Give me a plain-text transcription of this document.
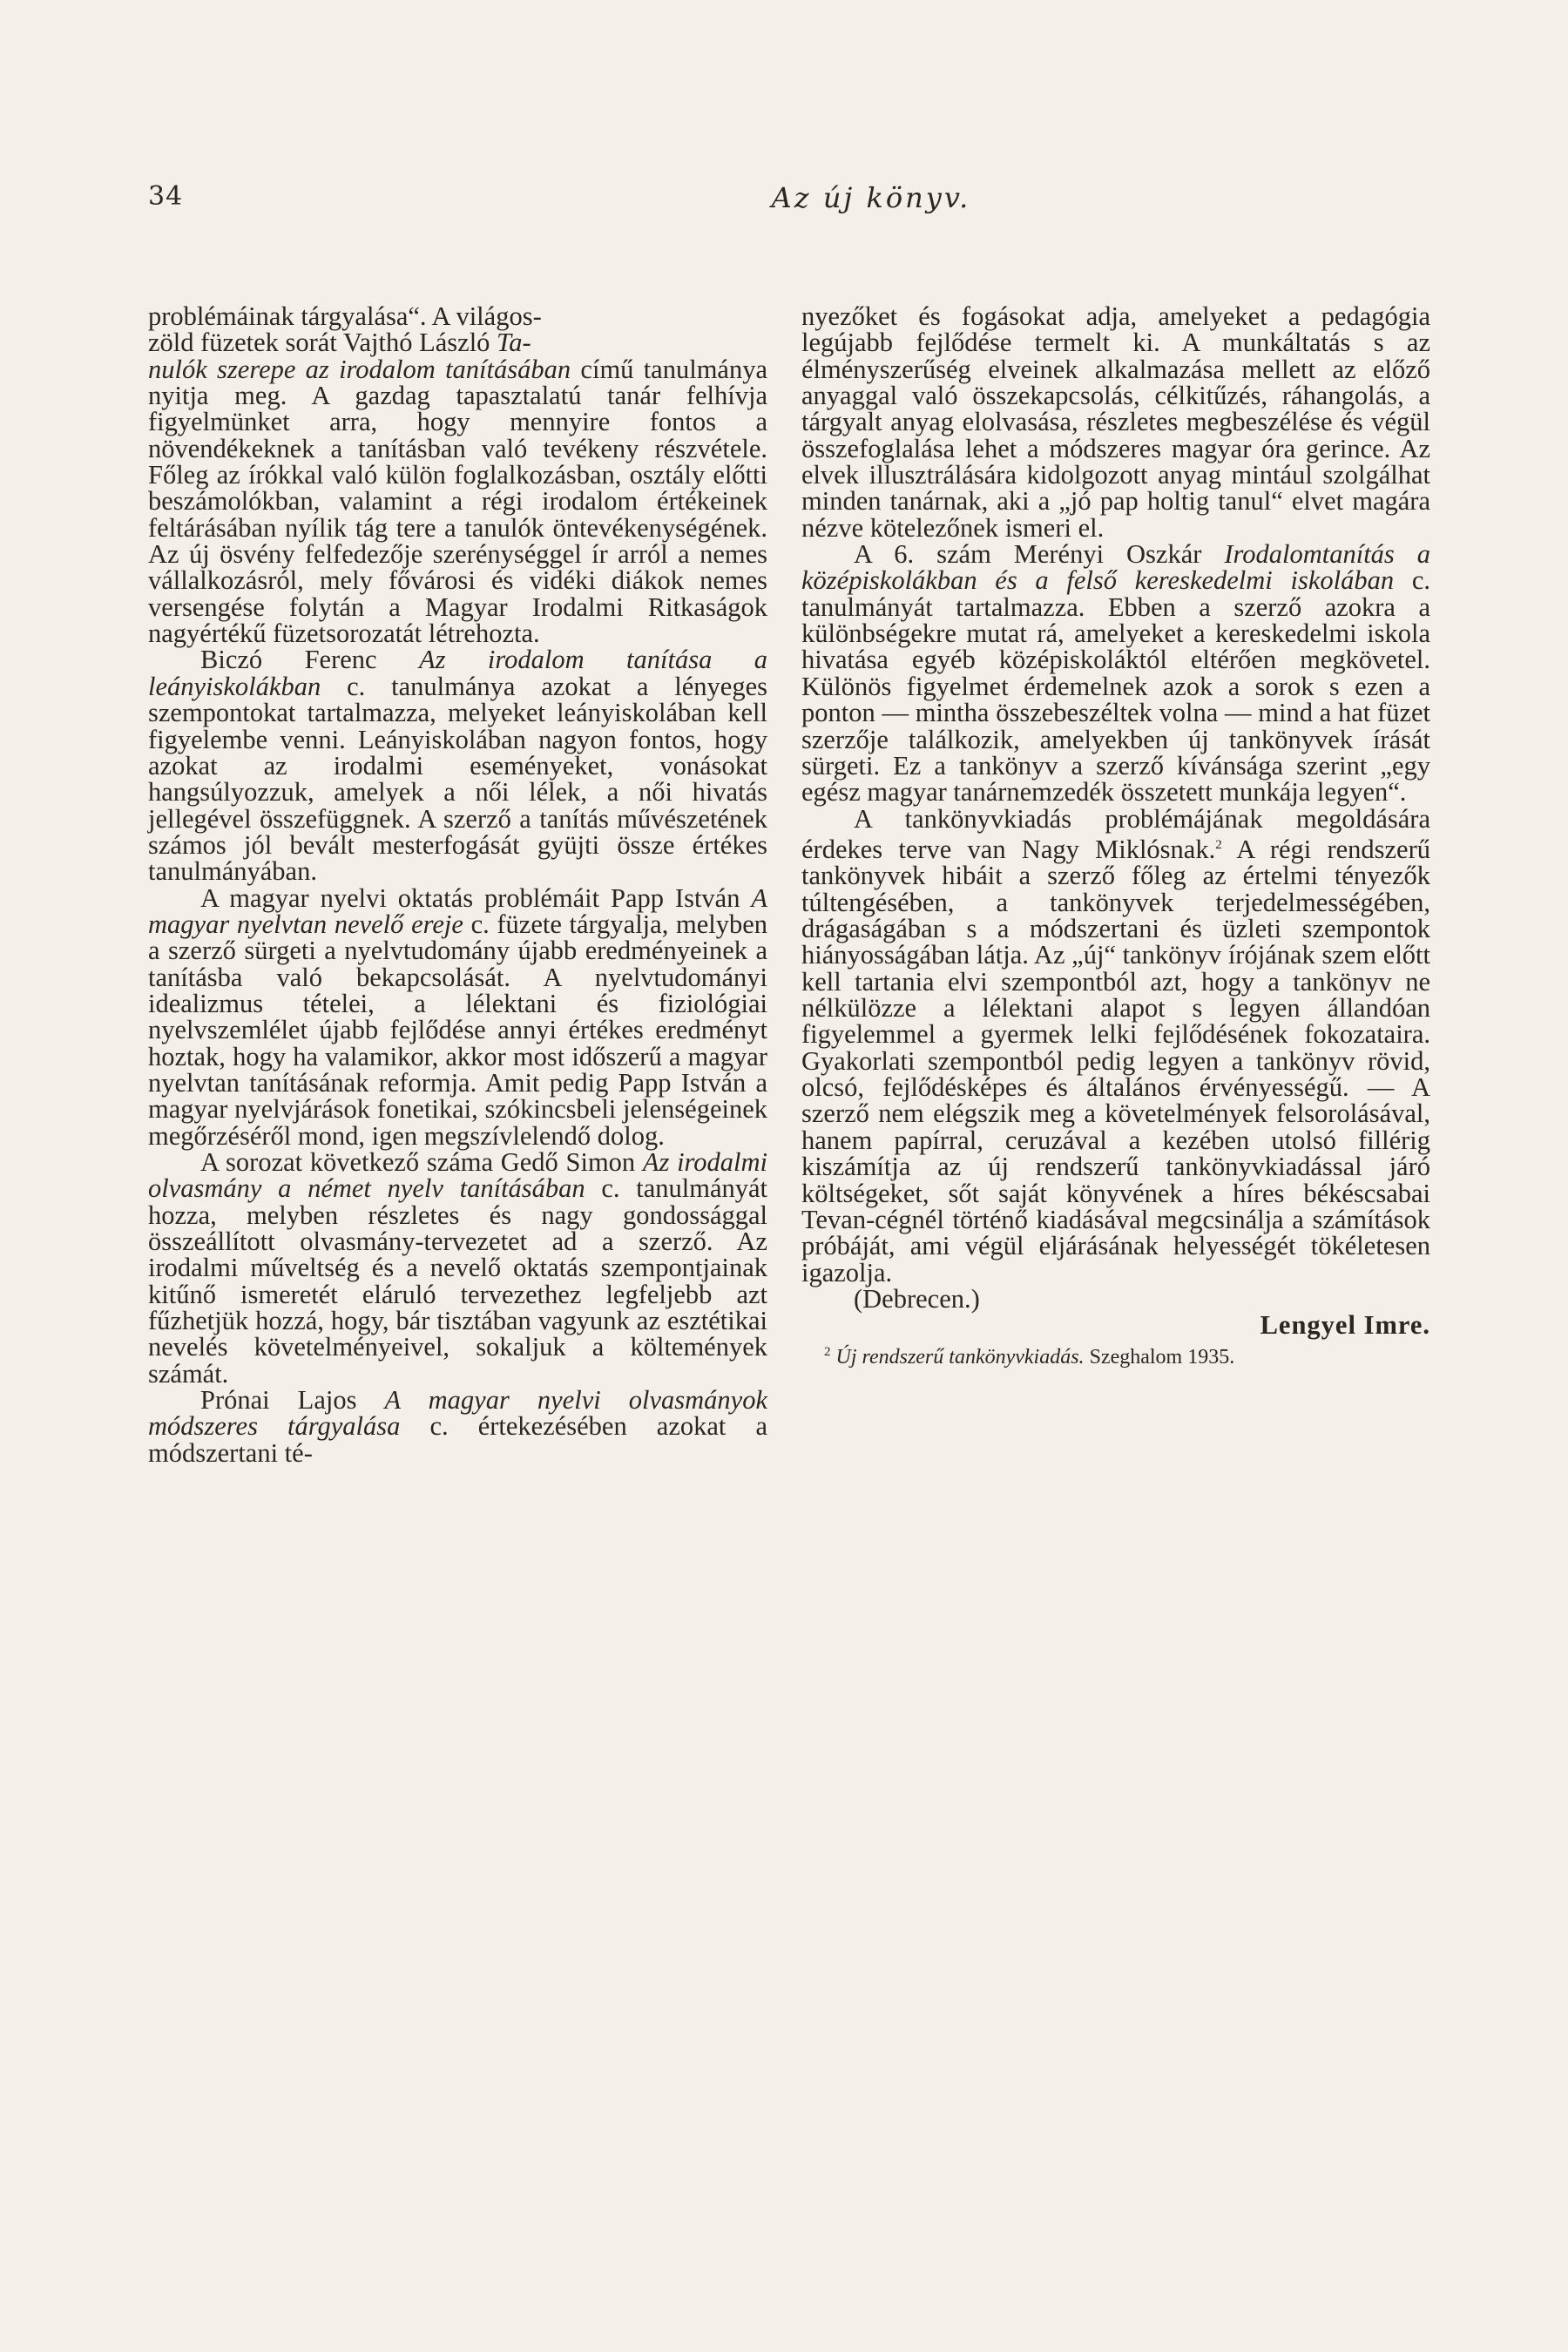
34	Az új könyv.

problémáinak tárgyalása“. A világos-
zöld füzetek sorát Vajthó László Ta-
nulók szerepe az irodalom tanításában című tanulmánya nyitja meg. A gazdag tapasztalatú tanár felhívja figyelmünket arra, hogy mennyire fontos a növendékeknek a tanításban való tevékeny részvétele. Főleg az írókkal való külön foglalkozásban, osztály előtti beszámolókban, valamint a régi irodalom értékeinek feltárásában nyílik tág tere a tanulók öntevékenységének. Az új ösvény felfedezője szerénységgel ír arról a nemes vállalkozásról, mely fővárosi és vidéki diákok nemes versengése folytán a Magyar Irodalmi Ritkaságok nagyértékű füzetsorozatát létrehozta.

Biczó Ferenc Az irodalom tanítása a leányiskolákban c. tanulmánya azokat a lényeges szempontokat tartalmazza, melyeket leányiskolában kell figyelembe venni. Leányiskolában nagyon fontos, hogy azokat az irodalmi eseményeket, vonásokat hangsúlyozzuk, amelyek a női lélek, a női hivatás jellegével összefüggnek. A szerző a tanítás művészetének számos jól bevált mesterfogását gyüjti össze értékes tanulmányában.

A magyar nyelvi oktatás problémáit Papp István A magyar nyelvtan nevelő ereje c. füzete tárgyalja, melyben a szerző sürgeti a nyelvtudomány újabb eredményeinek a tanításba való bekapcsolását. A nyelvtudományi idealizmus tételei, a lélektani és fiziológiai nyelvszemlélet újabb fejlődése annyi értékes eredményt hoztak, hogy ha valamikor, akkor most időszerű a magyar nyelvtan tanításának reformja. Amit pedig Papp István a magyar nyelvjárások fonetikai, szókincsbeli jelenségeinek megőrzéséről mond, igen megszívlelendő dolog.

A sorozat következő száma Gedő Simon Az irodalmi olvasmány a német nyelv tanításában c. tanulmányát hozza, melyben részletes és nagy gondossággal összeállított olvasmány-tervezetet ad a szerző. Az irodalmi műveltség és a nevelő oktatás szempontjainak kitűnő ismeretét eláruló tervezethez legfeljebb azt fűzhetjük hozzá, hogy, bár tisztában vagyunk az esztétikai nevelés követelményeivel, sokaljuk a költemények számát.

Prónai Lajos A magyar nyelvi olvasmányok módszeres tárgyalása c. értekezésében azokat a módszertani té-

nyezőket és fogásokat adja, amelyeket a pedagógia legújabb fejlődése termelt ki. A munkáltatás s az élményszerűség elveinek alkalmazása mellett az előző anyaggal való összekapcsolás, célkitűzés, ráhangolás, a tárgyalt anyag elolvasása, részletes megbeszélése és végül összefoglalása lehet a módszeres magyar óra gerince. Az elvek illusztrálására kidolgozott anyag mintául szolgálhat minden tanárnak, aki a „jó pap holtig tanul“ elvet magára nézve kötelezőnek ismeri el.

A 6. szám Merényi Oszkár Irodalomtanítás a középiskolákban és a felső kereskedelmi iskolában c. tanulmányát tartalmazza. Ebben a szerző azokra a különbségekre mutat rá, amelyeket a kereskedelmi iskola hivatása egyéb középiskoláktól eltérően megkövetel. Különös figyelmet érdemelnek azok a sorok s ezen a ponton — mintha összebeszéltek volna — mind a hat füzet szerzője találkozik, amelyekben új tankönyvek írását sürgeti. Ez a tankönyv a szerző kívánsága szerint „egy egész magyar tanárnemzedék összetett munkája legyen“.

A tankönyvkiadás problémájának megoldására érdekes terve van Nagy Miklósnak.$^2$ A régi rendszerű tankönyvek hibáit a szerző főleg az értelmi tényezők túltengésében, a tankönyvek terjedelmességében, drágaságában s a módszertani és üzleti szempontok hiányosságában látja. Az „új“ tankönyv írójának szem előtt kell tartania elvi szempontból azt, hogy a tankönyv ne nélkülözze a lélektani alapot s legyen állandóan figyelemmel a gyermek lelki fejlődésének fokozataira. Gyakorlati szempontból pedig legyen a tankönyv rövid, olcsó, fejlődésképes és általános érvényességű. — A szerző nem elégszik meg a követelmények felsorolásával, hanem papírral, ceruzával a kezében utolsó fillérig kiszámítja az új rendszerű tankönyvkiadással járó költségeket, sőt saját könyvének a híres békéscsabai Tevan-cégnél történő kiadásával megcsinálja a számítások próbáját, ami végül eljárásának helyességét tökéletesen igazolja.

(Debrecen.)

Lengyel Imre.

$^2$ Új rendszerű tankönyvkiadás. Szeghalom 1935.
